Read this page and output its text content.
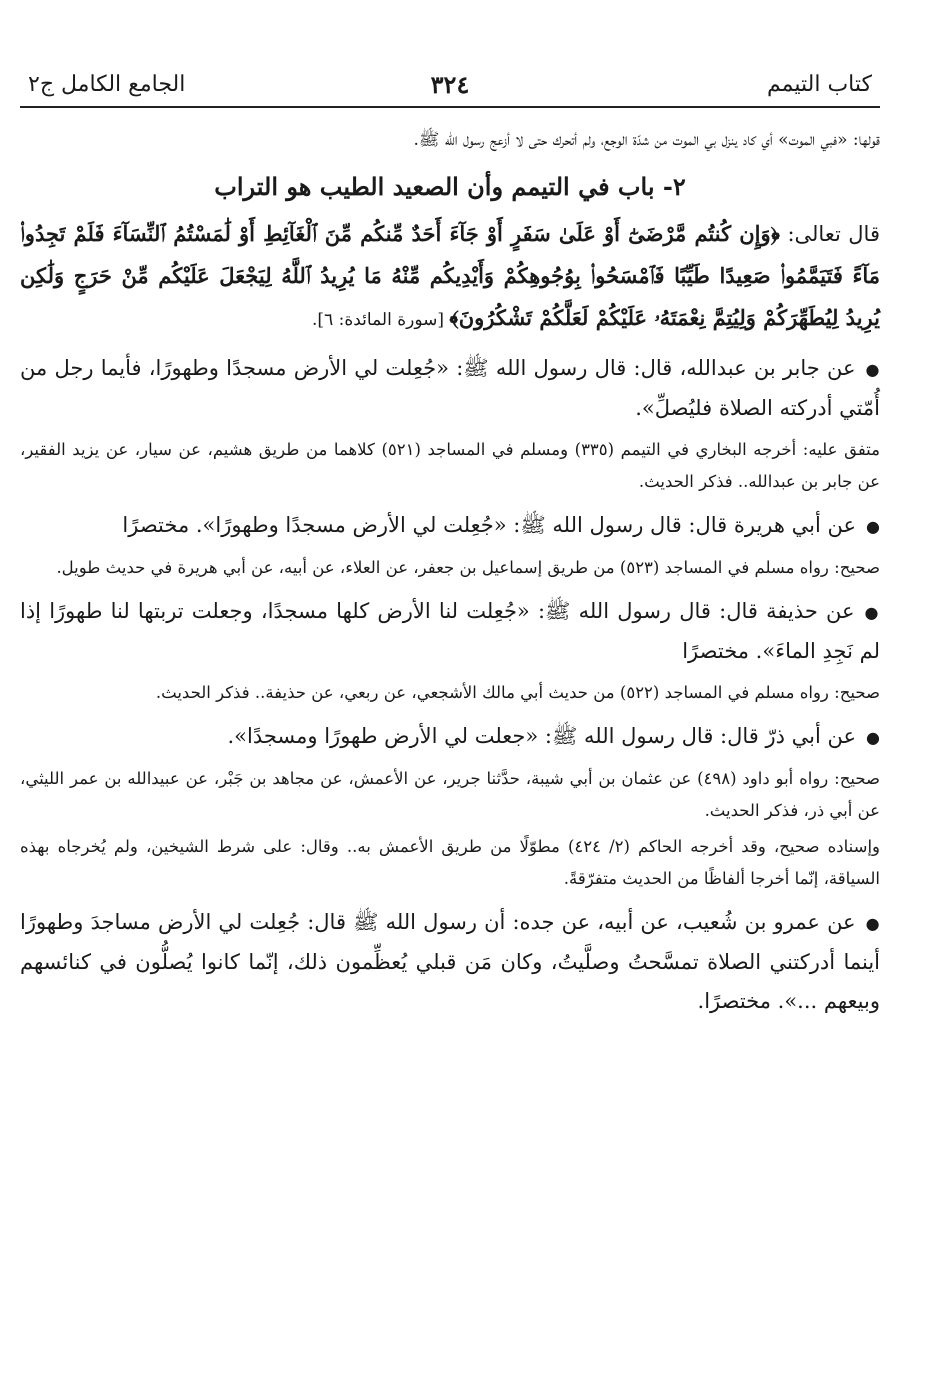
كتاب التيمم
٣٢٤
الجامع الكامل ج٢

قولها: «فبي الموت» أي كاد ينزل بي الموت من شدّة الوجع، ولم أتحرك حتى لا أزعج رسول الله ﷺ.

٢- باب في التيمم وأن الصعيد الطيب هو التراب

قال تعالى: ﴿وَإِن كُنتُم مَّرْضَىٰٓ أَوْ عَلَىٰ سَفَرٍ أَوْ جَآءَ أَحَدٌ مِّنكُم مِّنَ ٱلْغَآئِطِ أَوْ لَٰمَسْتُمُ ٱلنِّسَآءَ فَلَمْ تَجِدُوا۟ مَآءً فَتَيَمَّمُوا۟ صَعِيدًا طَيِّبًا فَٱمْسَحُوا۟ بِوُجُوهِكُمْ وَأَيْدِيكُم مِّنْهُ مَا يُرِيدُ ٱللَّهُ لِيَجْعَلَ عَلَيْكُم مِّنْ حَرَجٍ وَلَٰكِن يُرِيدُ لِيُطَهِّرَكُمْ وَلِيُتِمَّ نِعْمَتَهُۥ عَلَيْكُمْ لَعَلَّكُمْ تَشْكُرُونَ﴾ [سورة المائدة: ٦].

●عن جابر بن عبدالله، قال: قال رسول الله ﷺ: «جُعِلت لي الأرض مسجدًا وطهورًا، فأيما رجل من أُمّتي أدركته الصلاة فليُصلِّ».

متفق عليه: أخرجه البخاري في التيمم (٣٣٥) ومسلم في المساجد (٥٢١) كلاهما من طريق هشيم، عن سيار، عن يزيد الفقير، عن جابر بن عبدالله.. فذكر الحديث.

●عن أبي هريرة قال: قال رسول الله ﷺ: «جُعِلت لي الأرض مسجدًا وطهورًا». مختصرًا

صحيح: رواه مسلم في المساجد (٥٢٣) من طريق إسماعيل بن جعفر، عن العلاء، عن أبيه، عن أبي هريرة في حديث طويل.

●عن حذيفة قال: قال رسول الله ﷺ: «جُعِلت لنا الأرض كلها مسجدًا، وجعلت تربتها لنا طهورًا إذا لم نَجِدِ الماءَ». مختصرًا

صحيح: رواه مسلم في المساجد (٥٢٢) من حديث أبي مالك الأشجعي، عن ربعي، عن حذيفة.. فذكر الحديث.

●عن أبي ذرّ قال: قال رسول الله ﷺ: «جعلت لي الأرض طهورًا ومسجدًا».

صحيح: رواه أبو داود (٤٩٨) عن عثمان بن أبي شيبة، حدَّثنا جرير، عن الأعمش، عن مجاهد بن جَبْر، عن عبيدالله بن عمر الليثي، عن أبي ذر، فذكر الحديث.

وإسناده صحيح، وقد أخرجه الحاكم (٢/ ٤٢٤) مطوّلًا من طريق الأعمش به.. وقال: على شرط الشيخين، ولم يُخرجاه بهذه السياقة، إنّما أخرجا ألفاظًا من الحديث متفرّقةً.

●عن عمرو بن شُعيب، عن أبيه، عن جده: أن رسول الله ﷺ قال: جُعِلت لي الأرض مساجدَ وطهورًا أينما أدركتني الصلاة تمسَّحتُ وصلَّيتُ، وكان مَن قبلي يُعظِّمون ذلك، إنّما كانوا يُصلُّون في كنائسهم وبيعهم ...». مختصرًا.
